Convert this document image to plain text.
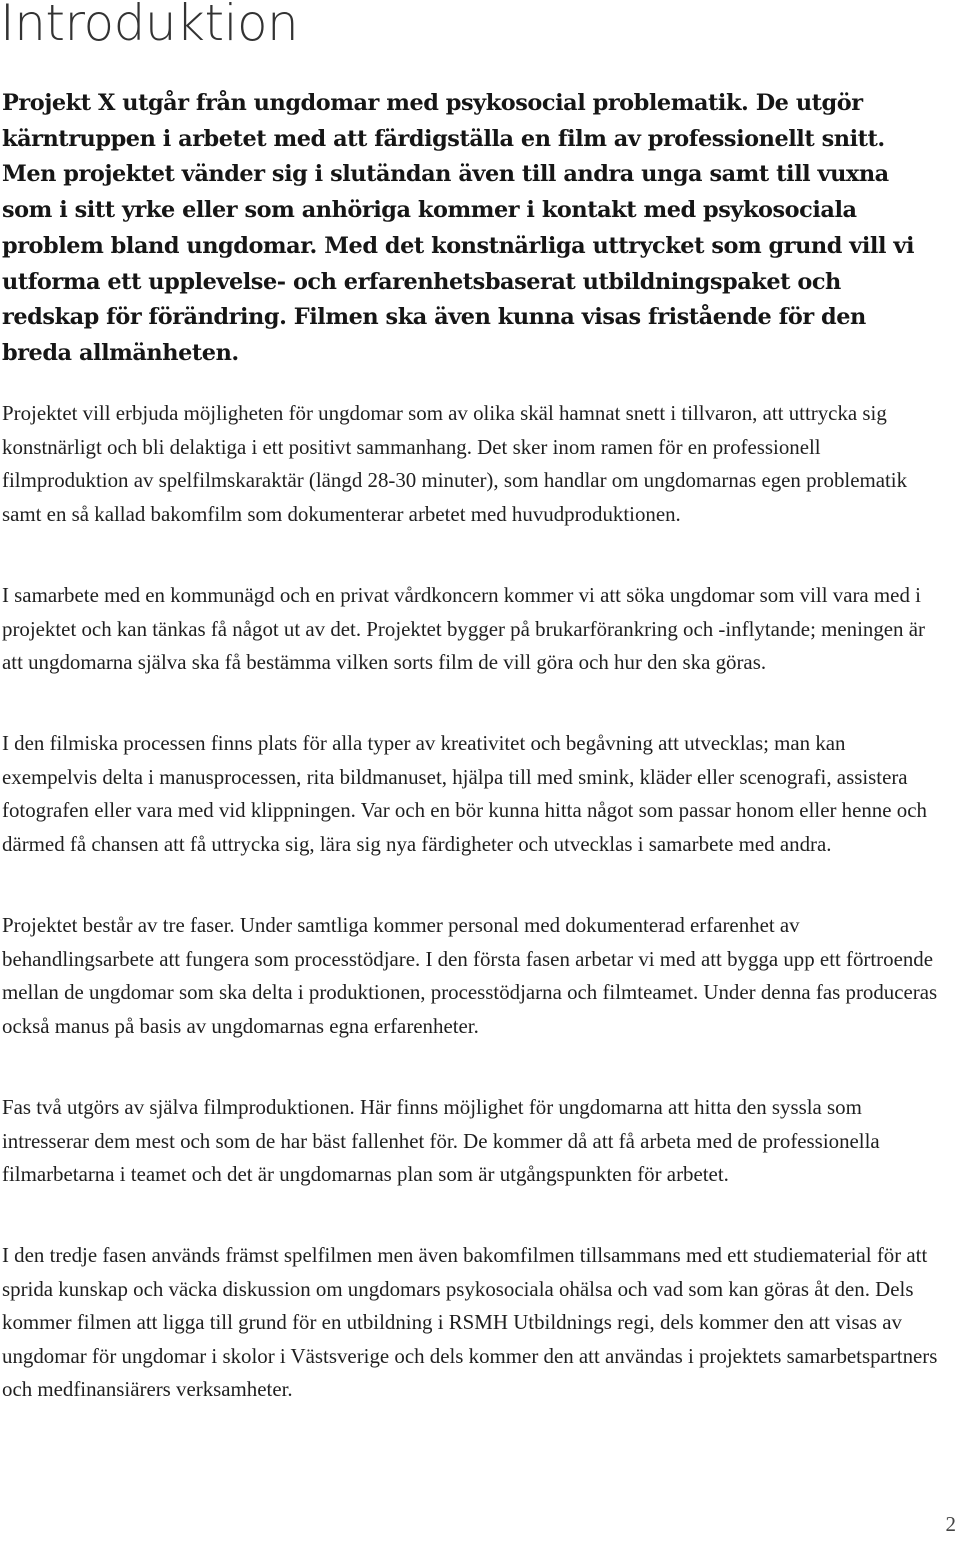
Introduktion

Projekt X utgår från ungdomar med psykosocial problematik. De utgör kärntruppen i arbetet med att färdigställa en film av professionellt snitt. Men projektet vänder sig i slutändan även till andra unga samt till vuxna som i sitt yrke eller som anhöriga kommer i kontakt med psykosociala problem bland ungdomar. Med det konstnärliga uttrycket som grund vill vi utforma ett upplevelse- och erfarenhetsbaserat utbildningspaket och redskap för förändring. Filmen ska även kunna visas fristående för den breda allmänheten.

Projektet vill erbjuda möjligheten för ungdomar som av olika skäl hamnat snett i tillvaron, att uttrycka sig konstnärligt och bli delaktiga i ett positivt sammanhang. Det sker inom ramen för en professionell filmproduktion av spelfilmskaraktär (längd 28-30 minuter), som handlar om ungdomarnas egen problematik samt en så kallad bakomfilm som dokumenterar arbetet med huvudproduktionen.

I samarbete med en kommunägd och en privat vårdkoncern kommer vi att söka ungdomar som vill vara med i projektet och kan tänkas få något ut av det. Projektet bygger på brukarförankring och -inflytande; meningen är att ungdomarna själva ska få bestämma vilken sorts film de vill göra och hur den ska göras.

I den filmiska processen finns plats för alla typer av kreativitet och begåvning att utvecklas; man kan exempelvis delta i manusprocessen, rita bildmanuset, hjälpa till med smink, kläder eller scenografi, assistera fotografen eller vara med vid klippningen. Var och en bör kunna hitta något som passar honom eller henne och därmed få chansen att få uttrycka sig, lära sig nya färdigheter och utvecklas i samarbete med andra.

Projektet består av tre faser. Under samtliga kommer personal med dokumenterad erfarenhet av behandlingsarbete att fungera som processtödjare. I den första fasen arbetar vi med att bygga upp ett förtroende mellan de ungdomar som ska delta i produktionen, processtödjarna och filmteamet. Under denna fas produceras också manus på basis av ungdomarnas egna erfarenheter.

Fas två utgörs av själva filmproduktionen. Här finns möjlighet för ungdomarna att hitta den syssla som intresserar dem mest och som de har bäst fallenhet för. De kommer då att få arbeta med de professionella filmarbetarna i teamet och det är ungdomarnas plan som är utgångspunkten för arbetet.

I den tredje fasen används främst spelfilmen men även bakomfilmen tillsammans med ett studiematerial för att sprida kunskap och väcka diskussion om ungdomars psykosociala ohälsa och vad som kan göras åt den. Dels kommer filmen att ligga till grund för en utbildning i RSMH Utbildnings regi, dels kommer den att visas av ungdomar för ungdomar i skolor i Västsverige och dels kommer den att användas i projektets samarbetspartners och medfinansiärers verksamheter.

2
